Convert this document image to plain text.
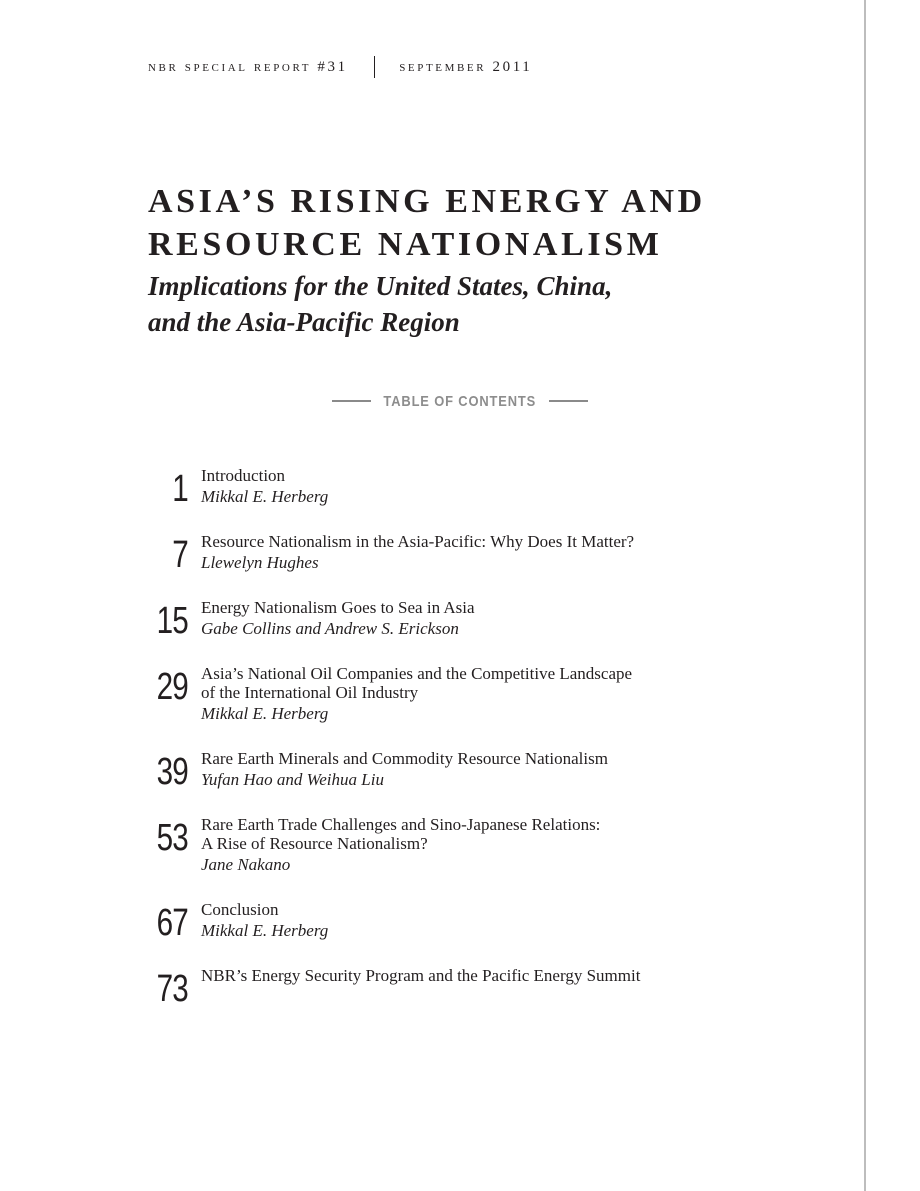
nbr special report #31	september 2011
ASIA’S RISING ENERGY AND
RESOURCE NATIONALISM
Implications for the United States, China,
and the Asia-Pacific Region
TABLE OF CONTENTS
1 Introduction
Mikkal E. Herberg
7 Resource Nationalism in the Asia-Pacific: Why Does It Matter?
Llewelyn Hughes
15 Energy Nationalism Goes to Sea in Asia
Gabe Collins and Andrew S. Erickson
29 Asia’s National Oil Companies and the Competitive Landscape
of the International Oil Industry
Mikkal E. Herberg
39 Rare Earth Minerals and Commodity Resource Nationalism
Yufan Hao and Weihua Liu
53 Rare Earth Trade Challenges and Sino-Japanese Relations:
A Rise of Resource Nationalism?
Jane Nakano
67 Conclusion
Mikkal E. Herberg
73 NBR’s Energy Security Program and the Pacific Energy Summit
